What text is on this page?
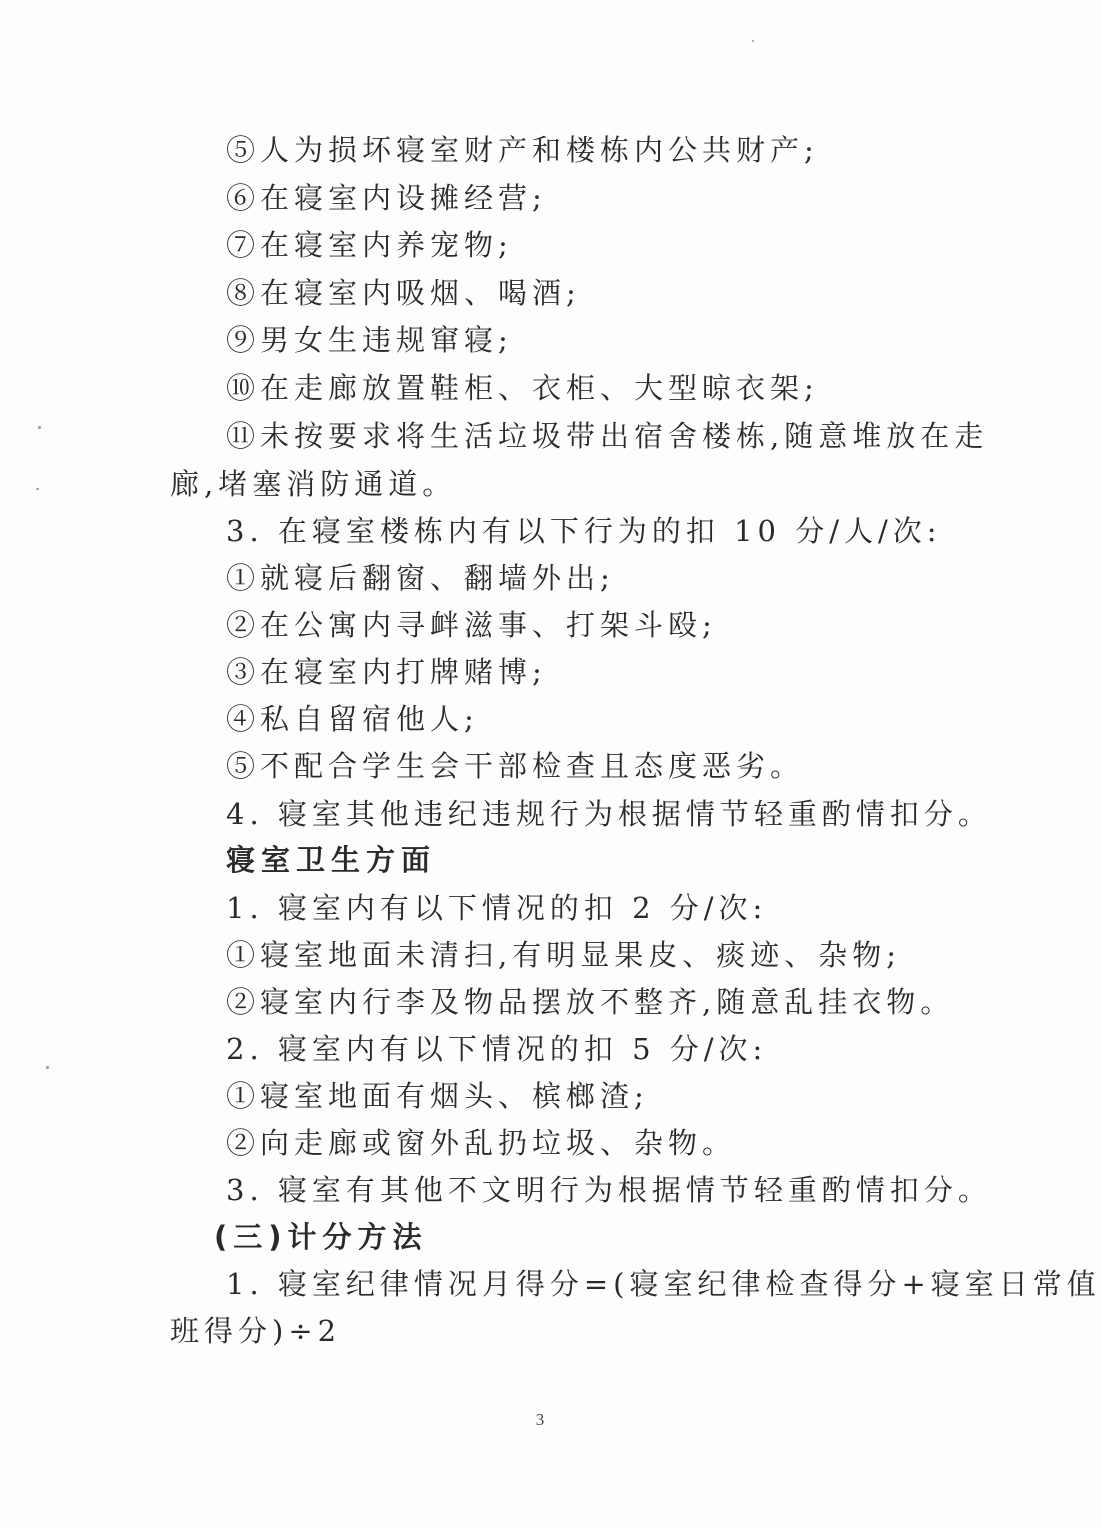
⑤人为损坏寝室财产和楼栋内公共财产;
⑥在寝室内设摊经营;
⑦在寝室内养宠物;
⑧在寝室内吸烟、喝酒;
⑨男女生违规窜寝;
⑩在走廊放置鞋柜、衣柜、大型晾衣架;
⑪未按要求将生活垃圾带出宿舍楼栋,随意堆放在走
廊,堵塞消防通道。
3. 在寝室楼栋内有以下行为的扣 10 分/人/次:
①就寝后翻窗、翻墙外出;
②在公寓内寻衅滋事、打架斗殴;
③在寝室内打牌赌博;
④私自留宿他人;
⑤不配合学生会干部检查且态度恶劣。
4. 寝室其他违纪违规行为根据情节轻重酌情扣分。
寝室卫生方面
1. 寝室内有以下情况的扣 2 分/次:
①寝室地面未清扫,有明显果皮、痰迹、杂物;
②寝室内行李及物品摆放不整齐,随意乱挂衣物。
2. 寝室内有以下情况的扣 5 分/次:
①寝室地面有烟头、槟榔渣;
②向走廊或窗外乱扔垃圾、杂物。
3. 寝室有其他不文明行为根据情节轻重酌情扣分。
(三)计分方法
1. 寝室纪律情况月得分=(寝室纪律检查得分+寝室日常值
班得分)÷2
3
